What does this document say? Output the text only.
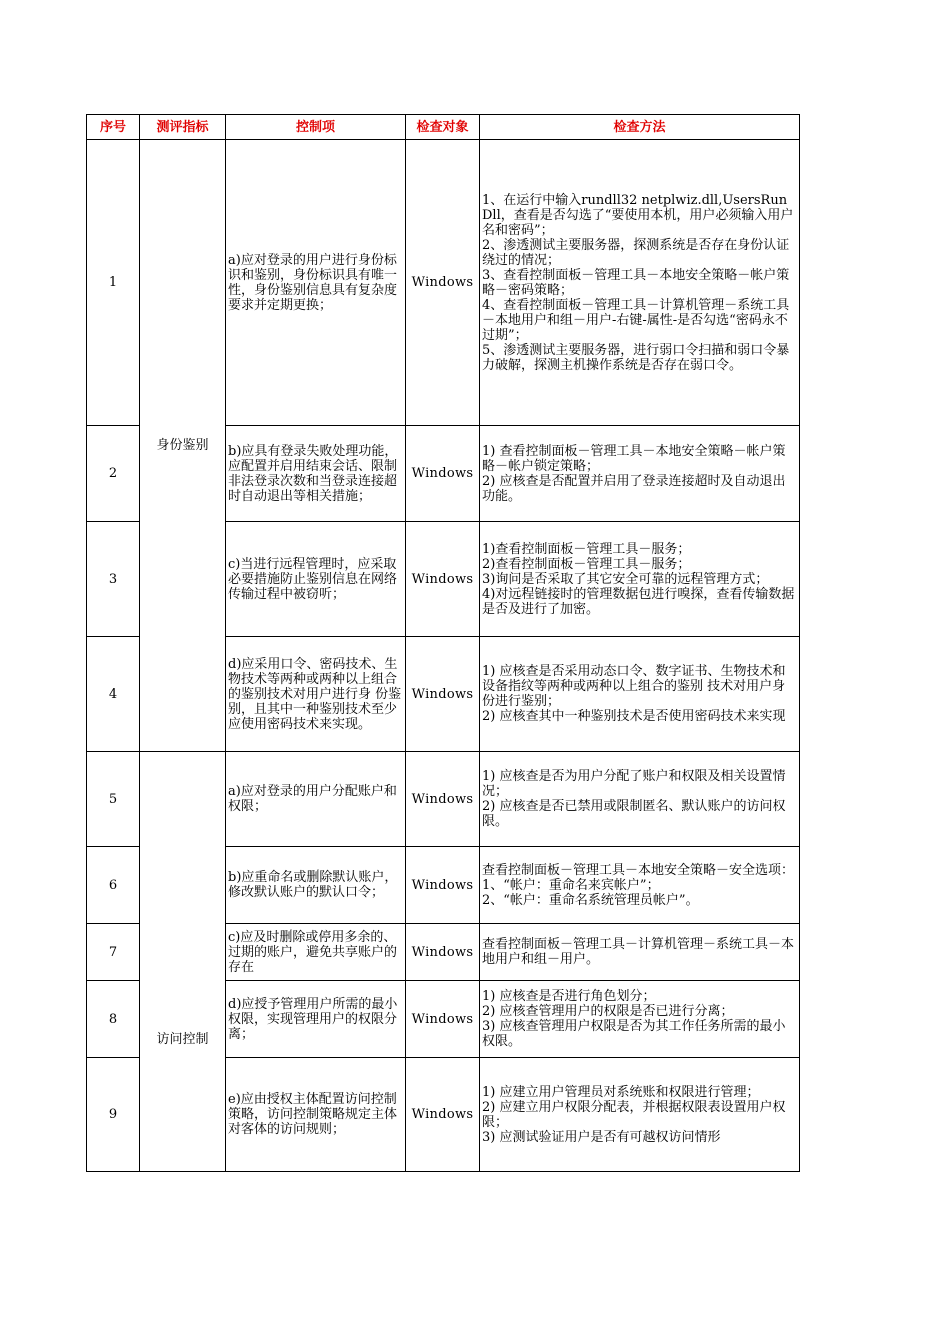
序号	测评指标	控制项	检查对象	检查方法
1	身份鉴别	a)应对登录的用户进行身份标识和鉴别，身份标识具有唯一性，身份鉴别信息具有复杂度要求并定期更换；	Windows	1、在运行中输入rundll32 netplwiz.dll,UsersRunDll，查看是否勾选了“要使用本机，用户必须输入用户名和密码”；
2、渗透测试主要服务器，探测系统是否存在身份认证绕过的情况；
3、查看控制面板－管理工具－本地安全策略－帐户策略－密码策略；
4、查看控制面板－管理工具－计算机管理－系统工具－本地用户和组－用户-右键-属性-是否勾选“密码永不过期”；
5、渗透测试主要服务器，进行弱口令扫描和弱口令暴力破解，探测主机操作系统是否存在弱口令。

2		b)应具有登录失败处理功能，应配置并启用结束会话、限制非法登录次数和当登录连接超时自动退出等相关措施；	Windows	1) 查看控制面板－管理工具－本地安全策略－帐户策略－帐户锁定策略；
2) 应核查是否配置并启用了登录连接超时及自动退出功能。

3		c)当进行远程管理时，应采取必要措施防止鉴别信息在网络传输过程中被窃听；	Windows	1)查看控制面板－管理工具－服务；
2)查看控制面板－管理工具－服务；
3)询问是否采取了其它安全可靠的远程管理方式；
4)对远程链接时的管理数据包进行嗅探，查看传输数据是否及进行了加密。

4		d)应采用口令、密码技术、生物技术等两种或两种以上组合的鉴别技术对用户进行身 份鉴别，且其中一种鉴别技术至少应使用密码技术来实现。	Windows	1) 应核查是否采用动态口令、数字证书、生物技术和设备指纹等两种或两种以上组合的鉴别 技术对用户身份进行鉴别；
2) 应核查其中一种鉴别技术是否使用密码技术来实现

5	访问控制	a)应对登录的用户分配账户和权限；	Windows	1) 应核查是否为用户分配了账户和权限及相关设置情况；
2) 应核查是否已禁用或限制匿名、默认账户的访问权限。

6		b)应重命名或删除默认账户，修改默认账户的默认口令；	Windows	查看控制面板－管理工具－本地安全策略－安全选项：
1、“帐户：重命名来宾帐户”；
2、“帐户：重命名系统管理员帐户”。

7		c)应及时删除或停用多余的、过期的账户，避免共享账户的存在	Windows	查看控制面板－管理工具－计算机管理－系统工具－本地用户和组－用户。

8		d)应授予管理用户所需的最小权限，实现管理用户的权限分离；	Windows	1) 应核查是否进行角色划分；
2) 应核查管理用户的权限是否已进行分离；
3) 应核查管理用户权限是否为其工作任务所需的最小权限。

9		e)应由授权主体配置访问控制策略，访问控制策略规定主体对客体的访问规则；	Windows	1) 应建立用户管理员对系统账和权限进行管理；
2) 应建立用户权限分配表，并根据权限表设置用户权限；
3) 应测试验证用户是否有可越权访问情形
